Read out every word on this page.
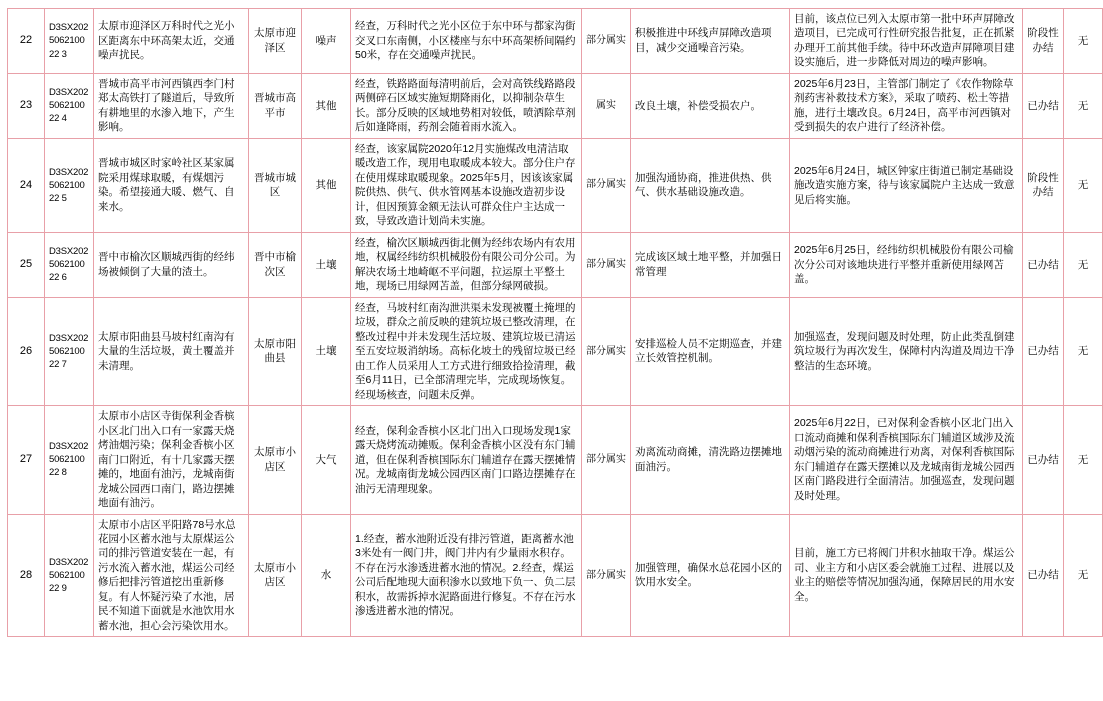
22	D3SX202506210022 3	太原市迎泽区万科时代之光小区距离东中环高架太近，交通噪声扰民。	太原市迎泽区	噪声	经查，万科时代之光小区位于东中环与都家沟街交叉口东南侧，小区楼座与东中环高架桥间隔约50米，存在交通噪声扰民。	部分属实	积极推进中环线声屏障改造项目，减少交通噪音污染。	目前，该点位已列入太原市第一批中环声屏障改造项目，已完成可行性研究报告批复，正在抓紧办理开工前其他手续。待中环改造声屏障项目建设实施后，进一步降低对周边的噪声影响。	阶段性办结	无
23	D3SX202506210022 4	晋城市高平市河西镇西李门村郑太高铁打了隧道后，导致所有耕地里的水渗入地下，产生影响。	晋城市高平市	其他	经查，铁路路面每清明前后，会对高铁线路路段两侧碎石区域实施短期降雨化，以抑制杂草生长。部分反映的区域地势相对较低，喷洒除草剂后如逢降雨，药剂会随着雨水流入。	属实	改良土壤，补偿受损农户。	2025年6月23日，主管部门制定了《农作物除草剂药害补救技术方案》，采取了喷药、松土等措施，进行土壤改良。6月24日，高平市河西镇对受到损失的农户进行了经济补偿。	已办结	无
24	D3SX202506210022 5	晋城市城区时家岭社区某家属院采用煤球取暖，有煤烟污染。希望接通大暖、燃气、自来水。	晋城市城区	其他	经查，该家属院2020年12月实施煤改电清洁取暖改造工作，现用电取暖成本较大。部分住户存在使用煤球取暖现象。2025年5月，因该该家属院供热、供气、供水管网基本设施改造初步设计，但因预算金额无法认可群众住户主达成一致，导致改造计划尚未实施。	部分属实	加强沟通协商，推进供热、供气、供水基础设施改造。	2025年6月24日，城区钟家庄街道已制定基础设施改造实施方案，待与该家属院户主达成一致意见后将实施。	阶段性办结	无
25	D3SX202506210022 6	晋中市榆次区顺城西街的经纬场被倾倒了大量的渣土。	晋中市榆次区	土壤	经查，榆次区顺城西街北侧为经纬农场内有农用地，权属经纬纺织机械股份有限公司分公司。为解决农场土地崎岖不平问题，拉运原土平整土地，现场已用绿网苫盖，但部分绿网破损。	部分属实	完成该区域土地平整，并加强日常管理	2025年6月25日，经纬纺织机械股份有限公司榆次分公司对该地块进行平整并重新使用绿网苫盖。	已办结	无
26	D3SX202506210022 7	太原市阳曲县马坡村红南沟有大量的生活垃圾，黄土覆盖并未清理。	太原市阳曲县	土壤	经查，马坡村红南沟泄洪渠未发现被覆土掩埋的垃圾，群众之前反映的建筑垃圾已整改清理，在整改过程中并未发现生活垃圾、建筑垃圾已清运至五安垃圾消纳场。高标化坡土的残留垃圾已经由工作人员采用人工方式进行细致拾捡清理，截至6月11日，已全部清理完毕，完成现场恢复。经现场核查，问题未反弹。	部分属实	安排巡检人员不定期巡查，并建立长效管控机制。	加强巡查，发现问题及时处理，防止此类乱倒建筑垃圾行为再次发生，保障村内沟道及周边干净整洁的生态环境。	已办结	无
27	D3SX202506210022 8	太原市小店区寺街保利金香槟小区北门出入口有一家露天烧烤油烟污染；保利金香槟小区南门口附近，有十几家露天摆摊的，地面有油污，龙城南街龙城公园西口南门，路边摆摊地面有油污。	太原市小店区	大气	经查，保利金香槟小区北门出入口现场发现1家露天烧烤流动摊贩。保利金香槟小区没有东门辅道，但在保利香槟国际东门辅道存在露天摆摊情况。龙城南街龙城公园西区南门口路边摆摊存在油污无清理现象。	部分属实	劝离流动商摊，清洗路边摆摊地面油污。	2025年6月22日，已对保利金香槟小区北门出入口流动商摊和保利香槟国际东门辅道区域涉及流动烟污染的流动商摊进行劝离，对保利香槟国际东门辅道存在露天摆摊以及龙城南街龙城公园西区南门路段进行全面清洁。加强巡查，发现问题及时处理。	已办结	无
28	D3SX202506210022 9	太原市小店区平阳路78号水总花园小区蓄水池与太原煤运公司的排污管道安装在一起，有污水流入蓄水池，煤运公司经修后把排污管道挖出重新修复。有人怀疑污染了水池，居民不知道下面就是水池饮用水蓄水池，担心会污染饮用水。	太原市小店区	水	1.经查，蓄水池附近没有排污管道，距离蓄水池3米处有一阀门井，阀门井内有少量雨水积存。不存在污水渗透进蓄水池的情况。2.经查，煤运公司后配地现大面积渗水以致地下负一、负二层积水，故需拆掉水泥路面进行修复。不存在污水渗透进蓄水池的情况。	部分属实	加强管理，确保水总花园小区的饮用水安全。	目前，施工方已将阀门井积水抽取干净。煤运公司、业主方和小店区委会就施工过程、进展以及业主的赔偿等情况加强沟通，保障居民的用水安全。	已办结	无
